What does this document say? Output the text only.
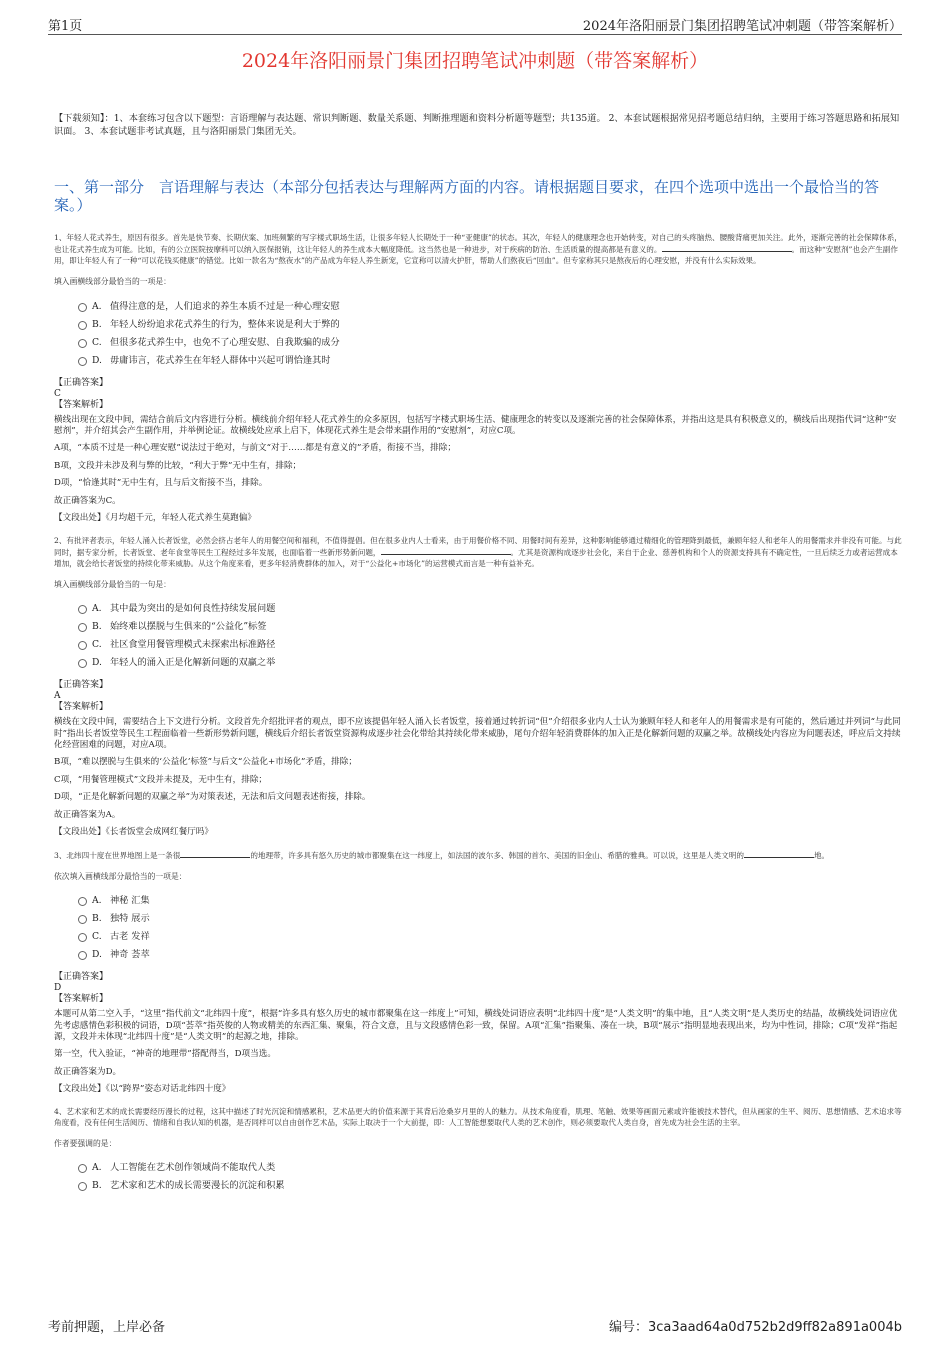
第1页	2024年洛阳丽景门集团招聘笔试冲刺题（带答案解析）
2024年洛阳丽景门集团招聘笔试冲刺题（带答案解析）
【下载须知】：1、本套练习包含以下题型：言语理解与表达题、常识判断题、数量关系题、判断推理题和资料分析题等题型；共135道。 2、本套试题根据常见招考题总结归纳，主要用于练习答题思路和拓展知识面。 3、本套试题非考试真题，且与洛阳丽景门集团无关。
一、第一部分　言语理解与表达（本部分包括表达与理解两方面的内容。请根据题目要求，在四个选项中选出一个最恰当的答案。）
1、年轻人花式养生，原因有很多。首先是快节奏、长期伏案、加班频繁的写字楼式职场生活，让很多年轻人长期处于一种“亚健康”的状态。其次，年轻人的健康理念也开始转变，对自己的头疼脑热、腰酸背痛更加关注。此外，逐渐完善的社会保障体系，也让花式养生成为可能。比如，有的公立医院按摩科可以纳入医保报销，这让年轻人的养生成本大幅度降低。这当然也是一种进步，对于疾病的防治、生活质量的提高都是有意义的。	。而这种“安慰剂”也会产生副作用，即让年轻人有了一种“可以花钱买健康”的错觉。比如一款名为“熬夜水”的产品成为年轻人养生新宠，它宣称可以清火护肝，帮助人们熬夜后“回血”。但专家称其只是熬夜后的心理安慰，并没有什么实际效果。
填入画横线部分最恰当的一项是：
A. 值得注意的是，人们追求的养生本质不过是一种心理安慰
B. 年轻人纷纷追求花式养生的行为，整体来说是利大于弊的
C. 但很多花式养生中，也免不了心理安慰、自我欺骗的成分
D. 毋庸讳言，花式养生在年轻人群体中兴起可谓恰逢其时
【正确答案】
C
【答案解析】
横线出现在文段中间，需结合前后文内容进行分析。横线前介绍年轻人花式养生的众多原因，包括写字楼式职场生活、健康理念的转变以及逐渐完善的社会保障体系，并指出这是具有积极意义的，横线后出现指代词“这种”安慰剂”，并介绍其会产生副作用，并举例论证。故横线处应承上启下，体现花式养生是会带来副作用的“安慰剂”，对应C项。
A项，“本质不过是一种心理安慰”说法过于绝对，与前文“对于……都是有意义的”矛盾，衔接不当，排除；
B项，文段并未涉及利与弊的比较，“利大于弊”无中生有，排除；
D项，“恰逢其时”无中生有，且与后文衔接不当，排除。
故正确答案为C。
【文段出处】《月均超千元，年轻人花式养生莫跑偏》
2、有批评者表示，年轻人涌入长者饭堂，必然会挤占老年人的用餐空间和福利，不值得提倡。但在很多业内人士看来，由于用餐价格不同、用餐时间有差异，这种影响能够通过精细化的管理降到最低，兼顾年轻人和老年人的用餐需求并非没有可能。与此同时，据专家分析，长者饭堂、老年食堂等民生工程经过多年发展，也面临着一些新形势新问题，	。尤其是资源构成逐步社会化，来自于企业、慈善机构和个人的资源支持具有不确定性，一旦后续乏力或者运营成本增加，就会给长者饭堂的持续化带来威胁。从这个角度来看，更多年轻消费群体的加入，对于“公益化+市场化”的运营模式而言是一种有益补充。
填入画横线部分最恰当的一句是：
A. 其中最为突出的是如何良性持续发展问题
B. 始终难以摆脱与生俱来的“公益化”标签
C. 社区食堂用餐管理模式未探索出标准路径
D. 年轻人的涌入正是化解新问题的双赢之举
【正确答案】
A
【答案解析】
横线在文段中间，需要结合上下文进行分析。文段首先介绍批评者的观点，即不应该提倡年轻人涌入长者饭堂，接着通过转折词“但”介绍很多业内人士认为兼顾年轻人和老年人的用餐需求是有可能的，然后通过并列词“与此同时”指出长者饭堂等民生工程面临着一些新形势新问题，横线后介绍长者饭堂资源构成逐步社会化带给其持续化带来威胁，尾句介绍年轻消费群体的加入正是化解新问题的双赢之举。故横线处内容应为问题表述，呼应后文持续化经营困难的问题，对应A项。
B项，“难以摆脱与生俱来的‘公益化’标签”与后文“公益化+市场化”矛盾，排除；
C项，“用餐管理模式”文段并未提及，无中生有，排除；
D项，“正是化解新问题的双赢之举”为对策表述，无法和后文问题表述衔接，排除。
故正确答案为A。
【文段出处】《长者饭堂会成网红餐厅吗》
3、北纬四十度在世界地图上是一条很	的地理带，许多具有悠久历史的城市都聚集在这一纬度上，如法国的波尔多、韩国的首尔、美国的旧金山、希腊的雅典。可以说，这里是人类文明的	地。
依次填入画横线部分最恰当的一项是：
A. 神秘 汇集
B. 独特 展示
C. 古老 发祥
D. 神奇 荟萃
【正确答案】
D
【答案解析】
本题可从第二空入手，“这里”指代前文“北纬四十度”，根据“许多具有悠久历史的城市都聚集在这一纬度上”可知，横线处词语应表明“北纬四十度”是“人类文明”的集中地，且“人类文明”是人类历史的结晶，故横线处词语应优先考虑感情色彩积极的词语，D项“荟萃”指英俊的人物或精美的东西汇集、聚集，符合文意，且与文段感情色彩一致，保留。A项“汇集”指聚集、凑在一块，B项“展示”指明显地表现出来，均为中性词，排除；C项“发祥”指起源，文段并未体现“北纬四十度”是“人类文明”的起源之地，排除。
第一空，代入验证，“神奇的地理带”搭配得当，D项当选。
故正确答案为D。
【文段出处】《以“跨界”姿态对话北纬四十度》
4、艺术家和艺术的成长需要经历漫长的过程，这其中描述了时光沉淀和情感累积，艺术品更大的价值来源于其背后沧桑岁月里的人的魅力。从技术角度看，肌理、笔触、效果等画面元素或许能被技术替代，但从画家的生平、阅历、思想情感、艺术追求等角度看，没有任何生活阅历、情绪和自我认知的机器，是否同样可以自由创作艺术品，实际上取决于一个大前提，即：人工智能想要取代人类的艺术创作，则必须要取代人类自身，首先成为社会生活的主宰。
作者要强调的是：
A. 人工智能在艺术创作领域尚不能取代人类
B. 艺术家和艺术的成长需要漫长的沉淀和积累
考前押题，上岸必备	编号：3ca3aad64a0d752b2d9ff82a891a004b
